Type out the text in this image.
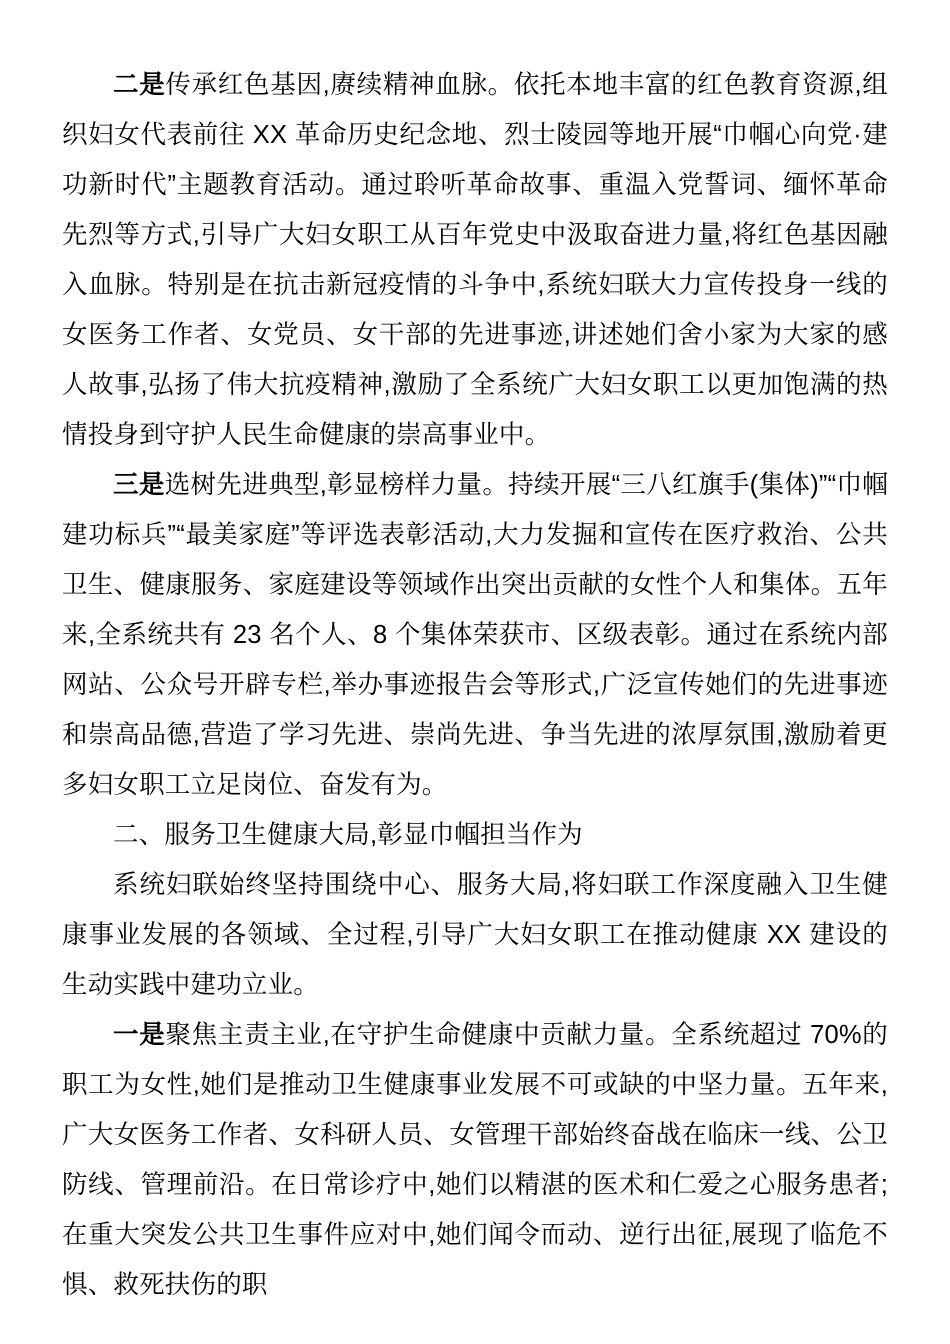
二是传承红色基因,赓续精神血脉。依托本地丰富的红色教育资源,组织妇女代表前往 XX 革命历史纪念地、烈士陵园等地开展“巾帼心向党·建功新时代”主题教育活动。通过聆听革命故事、重温入党誓词、缅怀革命先烈等方式,引导广大妇女职工从百年党史中汲取奋进力量,将红色基因融入血脉。特别是在抗击新冠疫情的斗争中,系统妇联大力宣传投身一线的女医务工作者、女党员、女干部的先进事迹,讲述她们舍小家为大家的感人故事,弘扬了伟大抗疫精神,激励了全系统广大妇女职工以更加饱满的热情投身到守护人民生命健康的崇高事业中。

三是选树先进典型,彰显榜样力量。持续开展“三八红旗手(集体)”“巾帼建功标兵”“最美家庭”等评选表彰活动,大力发掘和宣传在医疗救治、公共卫生、健康服务、家庭建设等领域作出突出贡献的女性个人和集体。五年来,全系统共有 23 名个人、8 个集体荣获市、区级表彰。通过在系统内部网站、公众号开辟专栏,举办事迹报告会等形式,广泛宣传她们的先进事迹和崇高品德,营造了学习先进、崇尚先进、争当先进的浓厚氛围,激励着更多妇女职工立足岗位、奋发有为。

二、服务卫生健康大局,彰显巾帼担当作为

系统妇联始终坚持围绕中心、服务大局,将妇联工作深度融入卫生健康事业发展的各领域、全过程,引导广大妇女职工在推动健康 XX 建设的生动实践中建功立业。

一是聚焦主责主业,在守护生命健康中贡献力量。全系统超过 70%的职工为女性,她们是推动卫生健康事业发展不可或缺的中坚力量。五年来,广大女医务工作者、女科研人员、女管理干部始终奋战在临床一线、公卫防线、管理前沿。在日常诊疗中,她们以精湛的医术和仁爱之心服务患者;在重大突发公共卫生事件应对中,她们闻令而动、逆行出征,展现了临危不惧、救死扶伤的职
